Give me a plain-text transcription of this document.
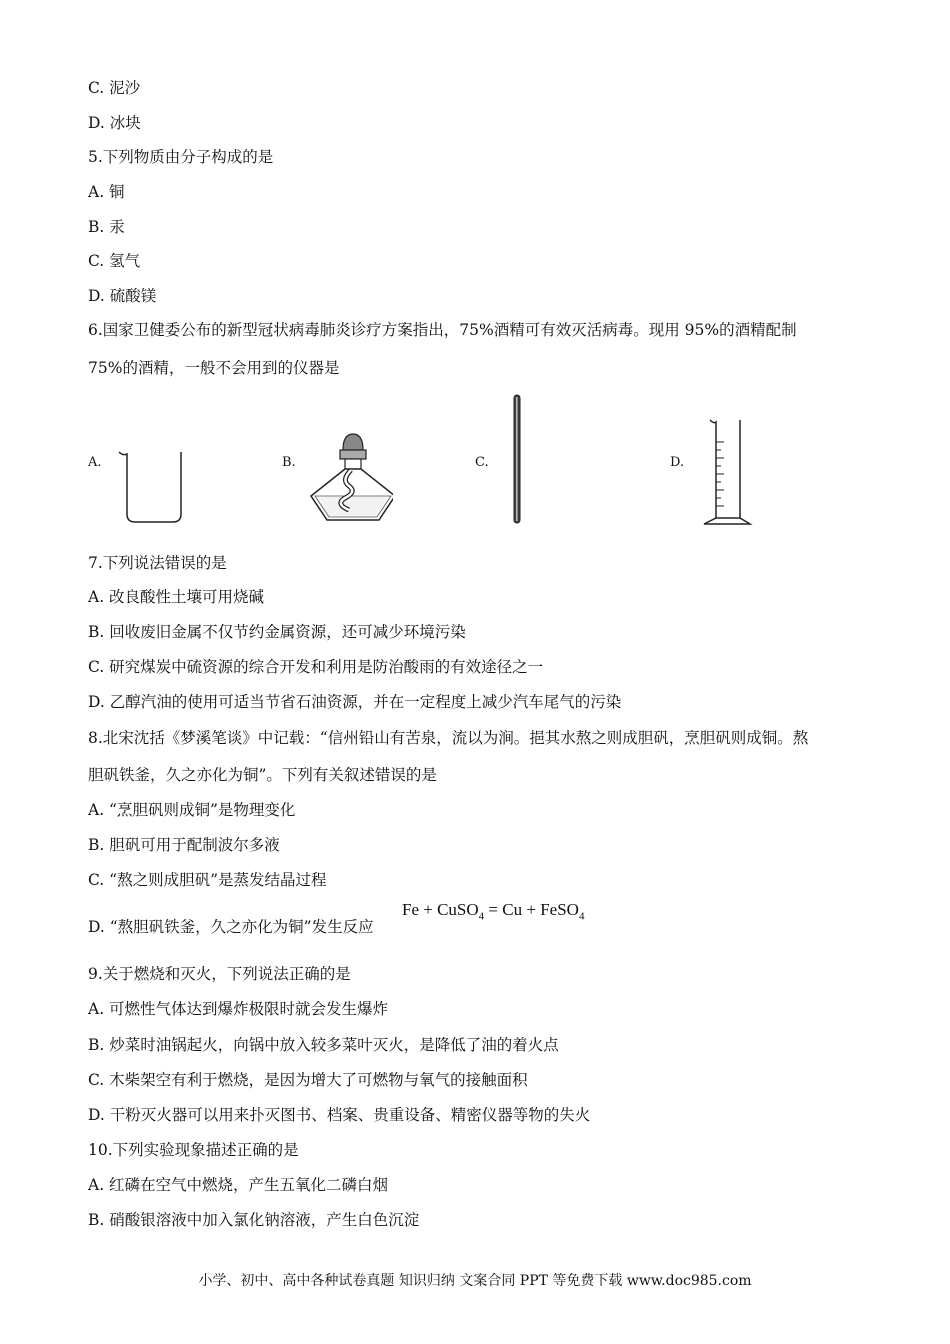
C. 泥沙
D. 冰块
5.下列物质由分子构成的是
A. 铜
B. 汞
C. 氢气
D. 硫酸镁
6.国家卫健委公布的新型冠状病毒肺炎诊疗方案指出，75%酒精可有效灭活病毒。现用 95%的酒精配制
75%的酒精，一般不会用到的仪器是
A.	B.	C.	D.
7.下列说法错误的是
A. 改良酸性土壤可用烧碱
B. 回收废旧金属不仅节约金属资源，还可减少环境污染
C. 研究煤炭中硫资源的综合开发和利用是防治酸雨的有效途径之一
D. 乙醇汽油的使用可适当节省石油资源，并在一定程度上减少汽车尾气的污染
8.北宋沈括《梦溪笔谈》中记载：“信州铅山有苦泉，流以为涧。挹其水熬之则成胆矾，烹胆矾则成铜。熬
胆矾铁釜，久之亦化为铜”。下列有关叙述错误的是
A. “烹胆矾则成铜”是物理变化
B. 胆矾可用于配制波尔多液
C. “熬之则成胆矾”是蒸发结晶过程
D. “熬胆矾铁釜，久之亦化为铜”发生反应
Fe + CuSO$_4$ = Cu + FeSO$_4$
9.关于燃烧和灭火，下列说法正确的是
A. 可燃性气体达到爆炸极限时就会发生爆炸
B. 炒菜时油锅起火，向锅中放入较多菜叶灭火，是降低了油的着火点
C. 木柴架空有利于燃烧，是因为增大了可燃物与氧气的接触面积
D. 干粉灭火器可以用来扑灭图书、档案、贵重设备、精密仪器等物的失火
10.下列实验现象描述正确的是
A. 红磷在空气中燃烧，产生五氧化二磷白烟
B. 硝酸银溶液中加入氯化钠溶液，产生白色沉淀
小学、初中、高中各种试卷真题 知识归纳 文案合同 PPT 等免费下载 www.doc985.com
